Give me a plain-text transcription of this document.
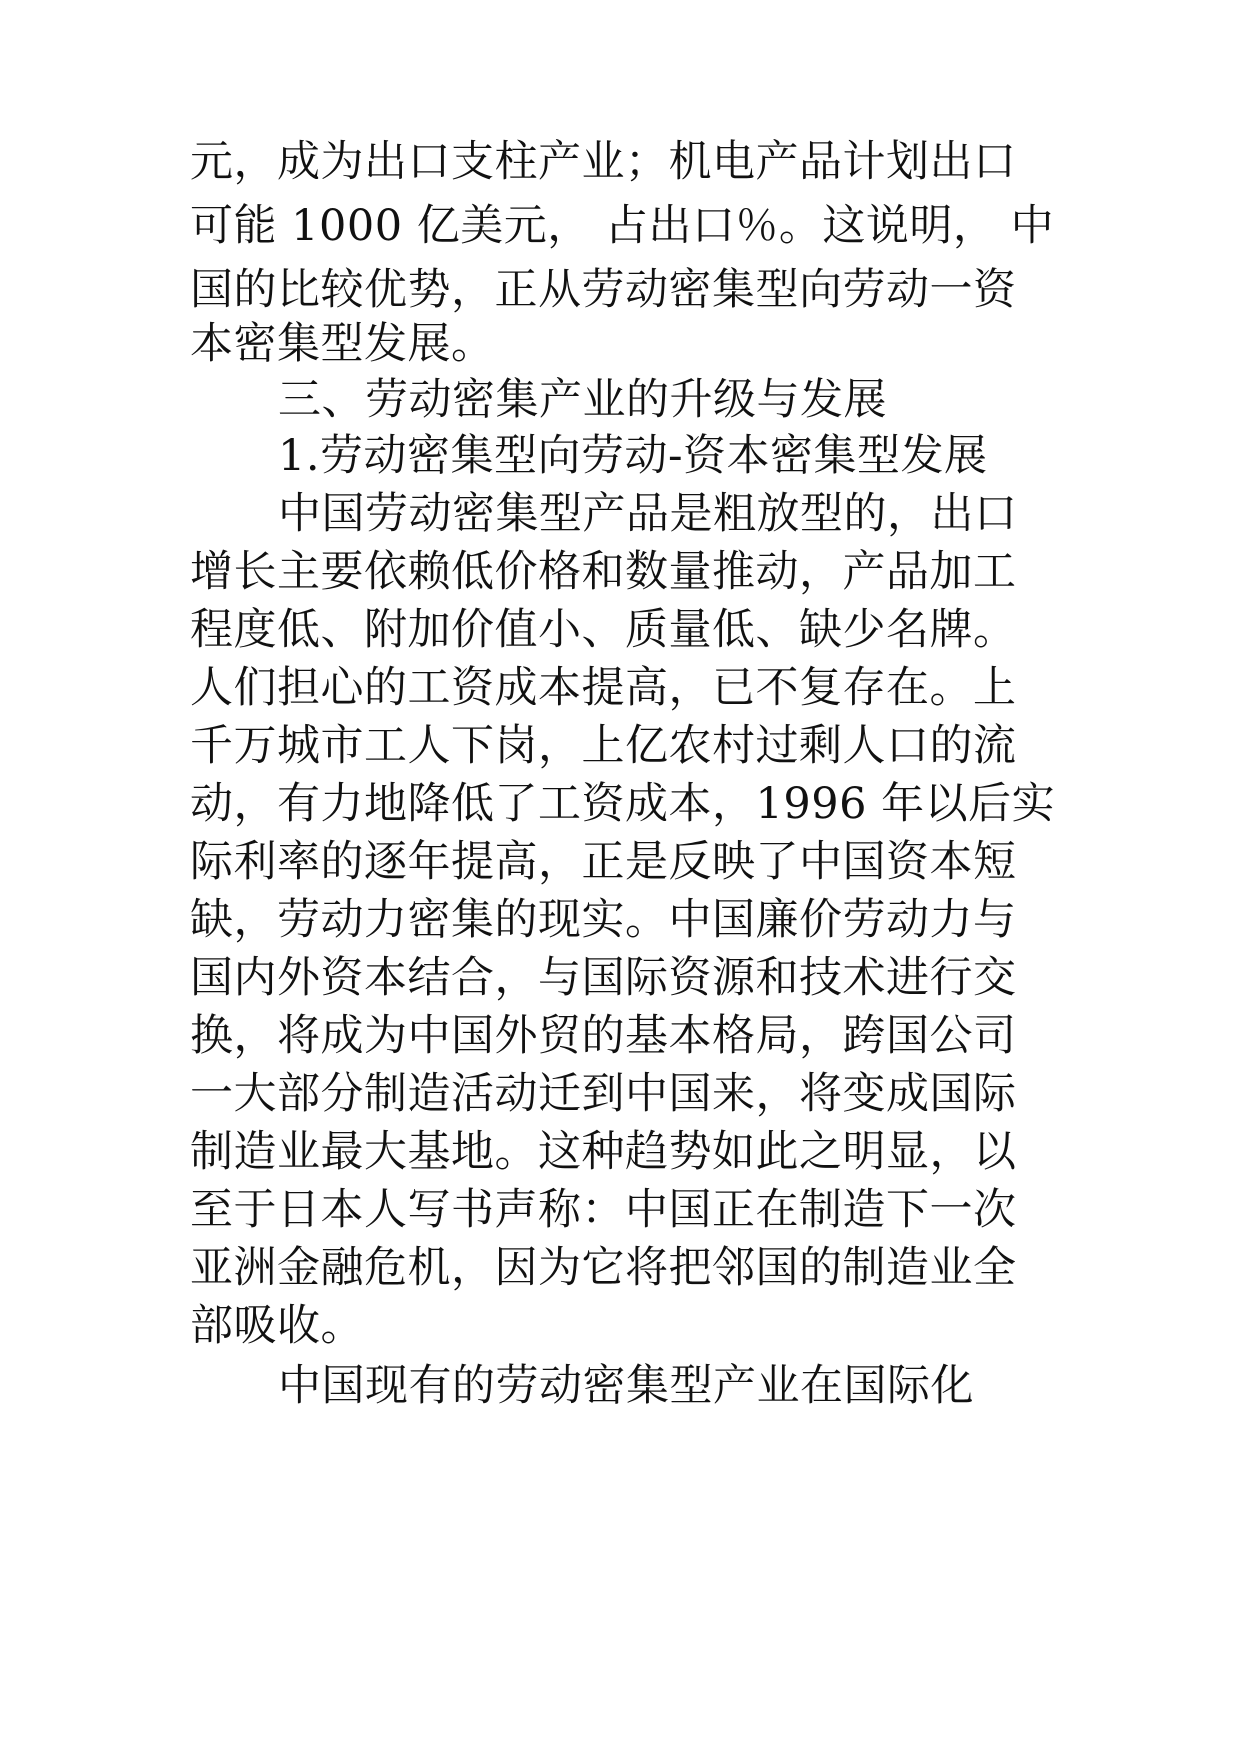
元，成为出口支柱产业；机电产品计划出口

可能 1000 亿美元， 占出口％。这说明， 中

国的比较优势，正从劳动密集型向劳动一资

本密集型发展。

三、劳动密集产业的升级与发展

1.劳动密集型向劳动-资本密集型发展

中国劳动密集型产品是粗放型的，出口

增长主要依赖低价格和数量推动，产品加工

程度低、附加价值小、质量低、缺少名牌。

人们担心的工资成本提高，已不复存在。上

千万城市工人下岗，上亿农村过剩人口的流

动，有力地降低了工资成本，1996 年以后实

际利率的逐年提高，正是反映了中国资本短

缺，劳动力密集的现实。中国廉价劳动力与

国内外资本结合，与国际资源和技术进行交

换，将成为中国外贸的基本格局，跨国公司

一大部分制造活动迁到中国来，将变成国际

制造业最大基地。这种趋势如此之明显，以

至于日本人写书声称：中国正在制造下一次

亚洲金融危机，因为它将把邻国的制造业全

部吸收。

中国现有的劳动密集型产业在国际化
